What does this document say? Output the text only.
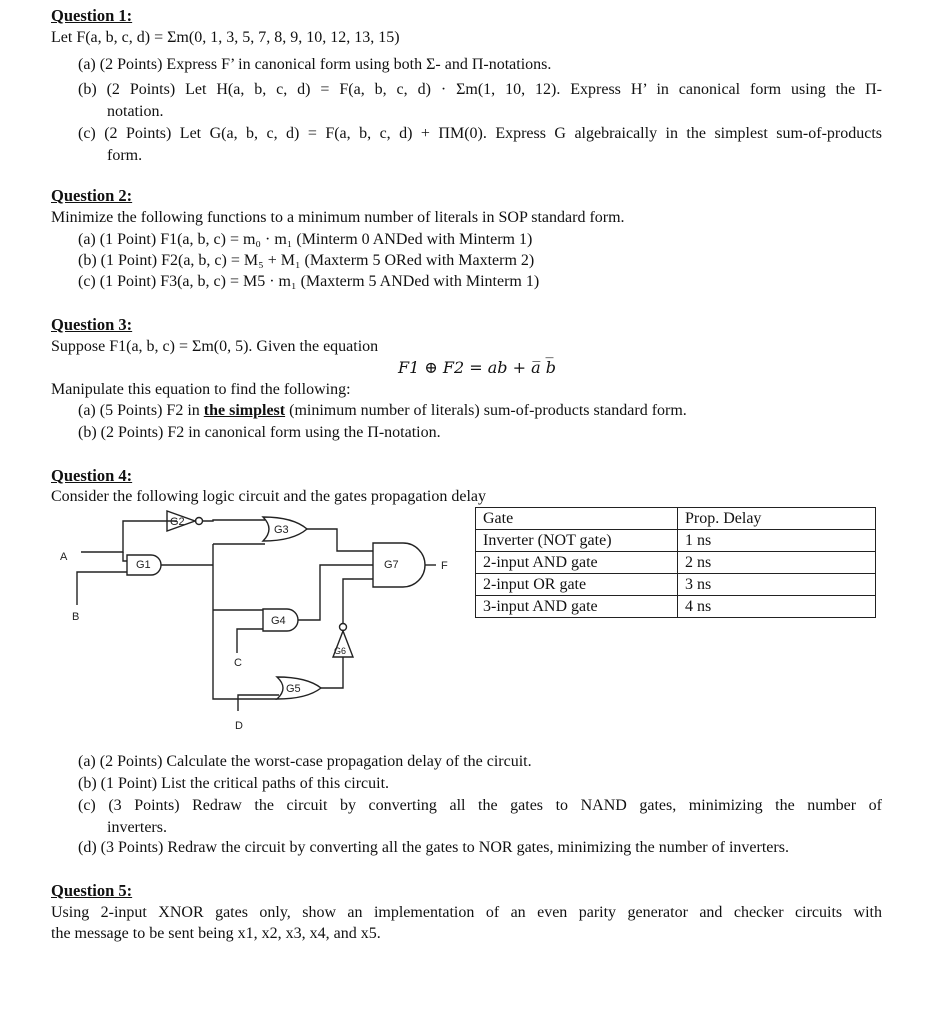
Question 1:
Let F(a, b, c, d) = Σm(0, 1, 3, 5, 7, 8, 9, 10, 12, 13, 15)
(a) (2 Points) Express F’ in canonical form using both Σ- and Π-notations.
(b) (2 Points) Let H(a, b, c, d) = F(a, b, c, d) · Σm(1, 10, 12). Express H’ in canonical form using the Π-
notation.
(c) (2 Points) Let G(a, b, c, d) = F(a, b, c, d) + ΠM(0). Express G algebraically in the simplest sum-of-products
form.
Question 2:
Minimize the following functions to a minimum number of literals in SOP standard form.
(a) (1 Point) F1(a, b, c) = m₀ · m₁ (Minterm 0 ANDed with Minterm 1)
(b) (1 Point) F2(a, b, c) = M₅ + M₁ (Maxterm 5 ORed with Maxterm 2)
(c) (1 Point) F3(a, b, c) = M5 · m₁ (Maxterm 5 ANDed with Minterm 1)
Question 3:
Suppose F1(a, b, c) = Σm(0, 5). Given the equation
F1 ⊕ F2 = ab + a̅ b̅
Manipulate this equation to find the following:
(a) (5 Points) F2 in the simplest (minimum number of literals) sum-of-products standard form.
(b) (2 Points) F2 in canonical form using the Π-notation.
Question 4:
Consider the following logic circuit and the gates propagation delay
A
B
G1
G2
G3
G4
C
G5
D
G6
G7	F
Gate	Prop. Delay
Inverter (NOT gate)	1 ns
2-input AND gate	2 ns
2-input OR gate	3 ns
3-input AND gate	4 ns
(a) (2 Points) Calculate the worst-case propagation delay of the circuit.
(b) (1 Point) List the critical paths of this circuit.
(c) (3 Points) Redraw the circuit by converting all the gates to NAND gates, minimizing the number of
inverters.
(d) (3 Points) Redraw the circuit by converting all the gates to NOR gates, minimizing the number of inverters.
Question 5:
Using 2-input XNOR gates only, show an implementation of an even parity generator and checker circuits with
the message to be sent being x1, x2, x3, x4, and x5.
